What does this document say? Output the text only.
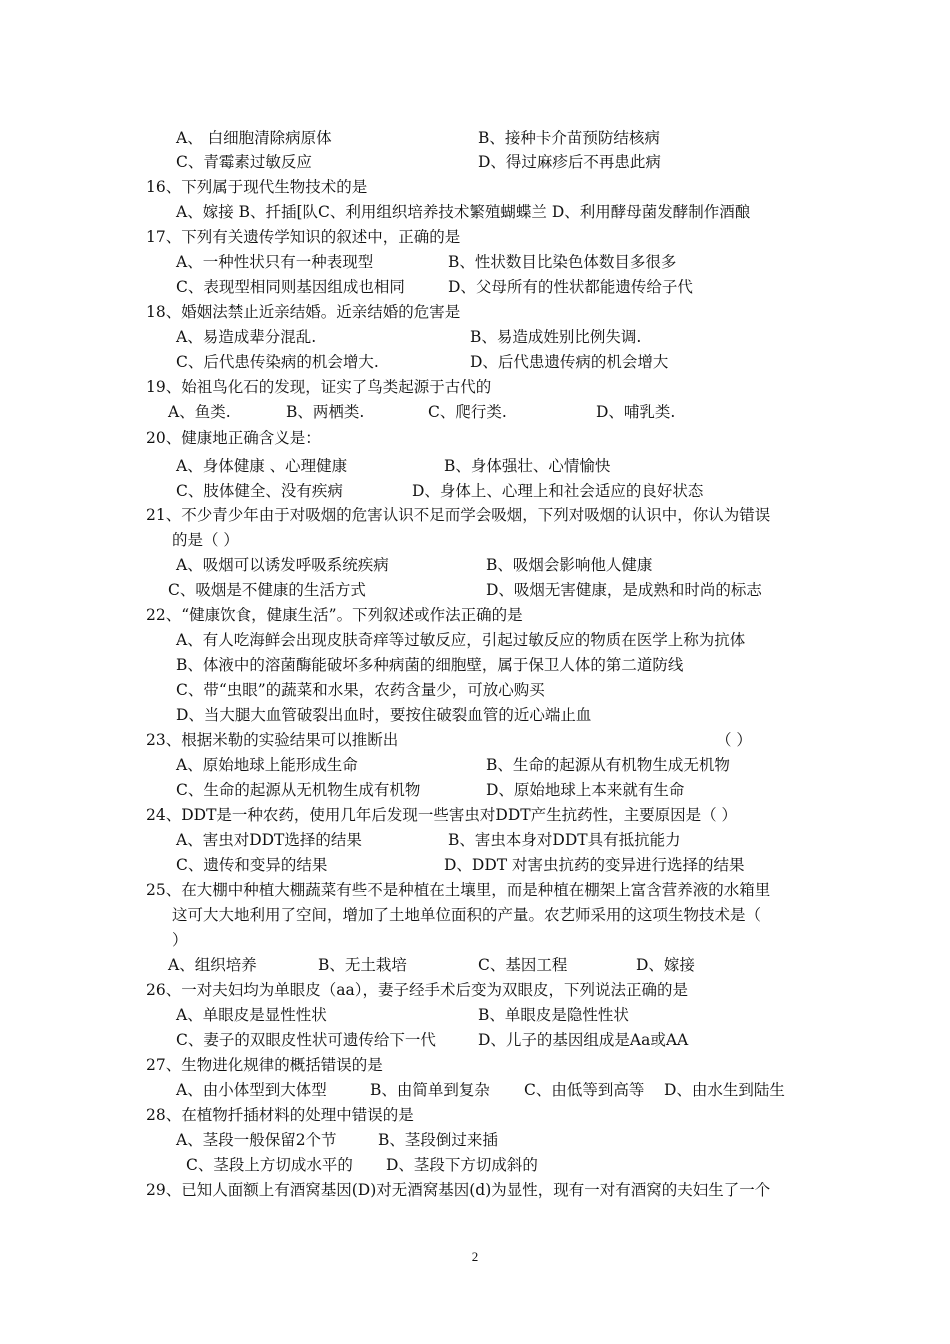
A、 白细胞清除病原体	B、接种卡介苗预防结核病
C、青霉素过敏反应	D、得过麻疹后不再患此病
16、下列属于现代生物技术的是
A、嫁接 B、扦插[队C、利用组织培养技术繁殖蝴蝶兰 D、利用酵母菌发酵制作酒酿
17、下列有关遗传学知识的叙述中，正确的是
A、一种性状只有一种表现型	B、性状数目比染色体数目多很多
C、表现型相同则基因组成也相同	D、父母所有的性状都能遗传给子代
18、婚姻法禁止近亲结婚。近亲结婚的危害是
A、易造成辈分混乱.	B、易造成姓别比例失调.
C、后代患传染病的机会增大.	D、后代患遗传病的机会增大
19、始祖鸟化石的发现，证实了鸟类起源于古代的
A、鱼类.	B、两栖类.	C、爬行类.	D、哺乳类.
20、健康地正确含义是：
A、身体健康 、心理健康	B、身体强壮、心情愉快
C、肢体健全、没有疾病	D、身体上、心理上和社会适应的良好状态
21、不少青少年由于对吸烟的危害认识不足而学会吸烟，下列对吸烟的认识中，你认为错误
的是（ ）
A、吸烟可以诱发呼吸系统疾病	B、吸烟会影响他人健康
C、吸烟是不健康的生活方式	D、吸烟无害健康，是成熟和时尚的标志
22、“健康饮食，健康生活”。下列叙述或作法正确的是
A、有人吃海鲜会出现皮肤奇痒等过敏反应，引起过敏反应的物质在医学上称为抗体
B、体液中的溶菌酶能破坏多种病菌的细胞壁，属于保卫人体的第二道防线
C、带“虫眼”的蔬菜和水果，农药含量少，可放心购买
D、当大腿大血管破裂出血时，要按住破裂血管的近心端止血
23、根据米勒的实验结果可以推断出	（ ）
A、原始地球上能形成生命	B、生命的起源从有机物生成无机物
C、生命的起源从无机物生成有机物	D、原始地球上本来就有生命
24、DDT是一种农药，使用几年后发现一些害虫对DDT产生抗药性，主要原因是（ ）
A、害虫对DDT选择的结果	B、害虫本身对DDT具有抵抗能力
C、遗传和变异的结果	D、DDT 对害虫抗药的变异进行选择的结果
25、在大棚中种植大棚蔬菜有些不是种植在土壤里，而是种植在棚架上富含营养液的水箱里
这可大大地利用了空间，增加了土地单位面积的产量。农艺师采用的这项生物技术是（
）
A、组织培养	B、无土栽培	C、基因工程	D、嫁接
26、一对夫妇均为单眼皮（aa），妻子经手术后变为双眼皮，下列说法正确的是
A、单眼皮是显性性状	B、单眼皮是隐性性状
C、妻子的双眼皮性状可遗传给下一代	D、儿子的基因组成是Aa或AA
27、生物进化规律的概括错误的是
A、由小体型到大体型	B、由简单到复杂 C、由低等到高等 D、由水生到陆生
28、在植物扦插材料的处理中错误的是
A、茎段一般保留2个节	B、茎段倒过来插
C、茎段上方切成水平的 D、茎段下方切成斜的
29、已知人面额上有酒窝基因(D)对无酒窝基因(d)为显性，现有一对有酒窝的夫妇生了一个
2
